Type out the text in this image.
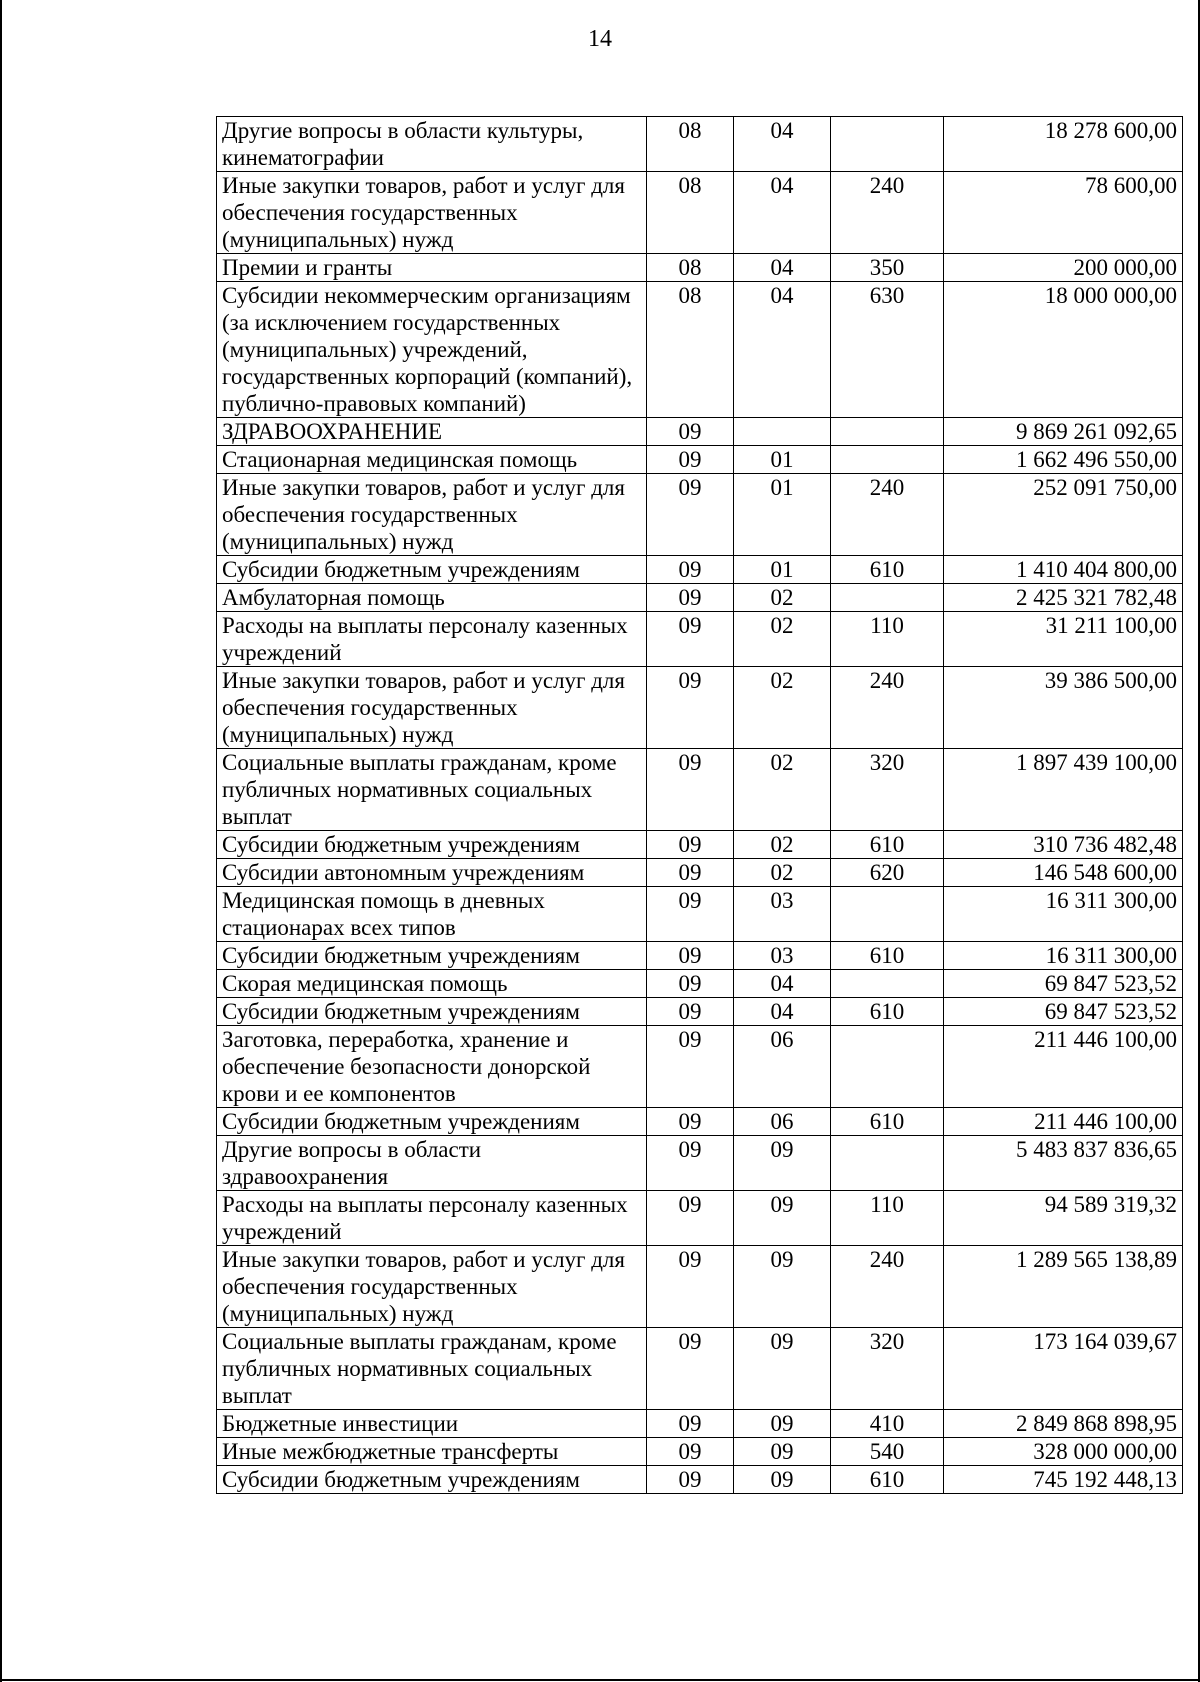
14
Другие вопросы в области культуры, кинематографии	08	04		18 278 600,00
Иные закупки товаров, работ и услуг для обеспечения государственных (муниципальных) нужд	08	04	240	78 600,00
Премии и гранты	08	04	350	200 000,00
Субсидии некоммерческим организациям (за исключением государственных (муниципальных) учреждений, государственных корпораций (компаний), публично-правовых компаний)	08	04	630	18 000 000,00
ЗДРАВООХРАНЕНИЕ	09			9 869 261 092,65
Стационарная медицинская помощь	09	01		1 662 496 550,00
Иные закупки товаров, работ и услуг для обеспечения государственных (муниципальных) нужд	09	01	240	252 091 750,00
Субсидии бюджетным учреждениям	09	01	610	1 410 404 800,00
Амбулаторная помощь	09	02		2 425 321 782,48
Расходы на выплаты персоналу казенных учреждений	09	02	110	31 211 100,00
Иные закупки товаров, работ и услуг для обеспечения государственных (муниципальных) нужд	09	02	240	39 386 500,00
Социальные выплаты гражданам, кроме публичных нормативных социальных выплат	09	02	320	1 897 439 100,00
Субсидии бюджетным учреждениям	09	02	610	310 736 482,48
Субсидии автономным учреждениям	09	02	620	146 548 600,00
Медицинская помощь в дневных стационарах всех типов	09	03		16 311 300,00
Субсидии бюджетным учреждениям	09	03	610	16 311 300,00
Скорая медицинская помощь	09	04		69 847 523,52
Субсидии бюджетным учреждениям	09	04	610	69 847 523,52
Заготовка, переработка, хранение и обеспечение безопасности донорской крови и ее компонентов	09	06		211 446 100,00
Субсидии бюджетным учреждениям	09	06	610	211 446 100,00
Другие вопросы в области здравоохранения	09	09		5 483 837 836,65
Расходы на выплаты персоналу казенных учреждений	09	09	110	94 589 319,32
Иные закупки товаров, работ и услуг для обеспечения государственных (муниципальных) нужд	09	09	240	1 289 565 138,89
Социальные выплаты гражданам, кроме публичных нормативных социальных выплат	09	09	320	173 164 039,67
Бюджетные инвестиции	09	09	410	2 849 868 898,95
Иные межбюджетные трансферты	09	09	540	328 000 000,00
Субсидии бюджетным учреждениям	09	09	610	745 192 448,13
